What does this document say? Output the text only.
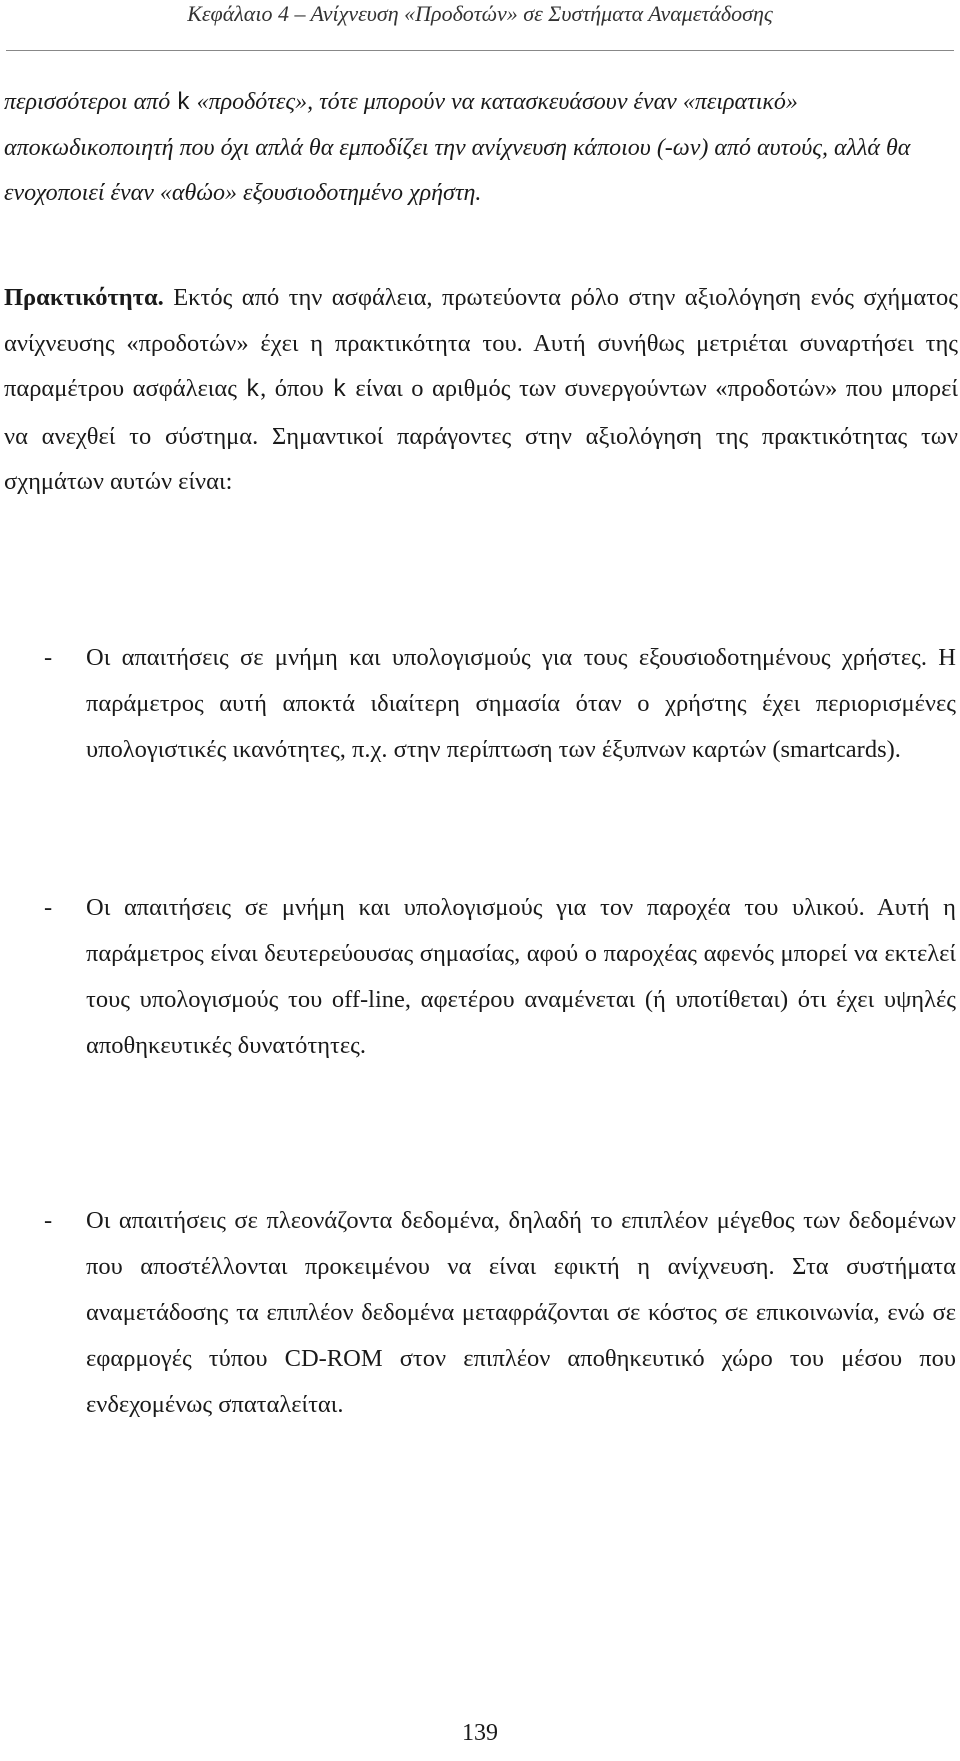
Κεφάλαιο 4 – Ανίχνευση «Προδοτών» σε Συστήματα Αναμετάδοσης
περισσότεροι από k «προδότες», τότε μπορούν να κατασκευάσουν έναν «πειρατικό» αποκωδικοποιητή που όχι απλά θα εμποδίζει την ανίχνευση κάποιου (-ων) από αυτούς, αλλά θα ενοχοποιεί έναν «αθώο» εξουσιοδοτημένο χρήστη.
Πρακτικότητα. Εκτός από την ασφάλεια, πρωτεύοντα ρόλο στην αξιολόγηση ενός σχήματος ανίχνευσης «προδοτών» έχει η πρακτικότητα του. Αυτή συνήθως μετριέται συναρτήσει της παραμέτρου ασφάλειας k, όπου k είναι ο αριθμός των συνεργούντων «προδοτών» που μπορεί να ανεχθεί το σύστημα. Σημαντικοί παράγοντες στην αξιολόγηση της πρακτικότητας των σχημάτων αυτών είναι:
- Οι απαιτήσεις σε μνήμη και υπολογισμούς για τους εξουσιοδοτημένους χρήστες. Η παράμετρος αυτή αποκτά ιδιαίτερη σημασία όταν ο χρήστης έχει περιορισμένες υπολογιστικές ικανότητες, π.χ. στην περίπτωση των έξυπνων καρτών (smartcards).
- Οι απαιτήσεις σε μνήμη και υπολογισμούς για τον παροχέα του υλικού. Αυτή η παράμετρος είναι δευτερεύουσας σημασίας, αφού ο παροχέας αφενός μπορεί να εκτελεί τους υπολογισμούς του off-line, αφετέρου αναμένεται (ή υποτίθεται) ότι έχει υψηλές αποθηκευτικές δυνατότητες.
- Οι απαιτήσεις σε πλεονάζοντα δεδομένα, δηλαδή το επιπλέον μέγεθος των δεδομένων που αποστέλλονται προκειμένου να είναι εφικτή η ανίχνευση. Στα συστήματα αναμετάδοσης τα επιπλέον δεδομένα μεταφράζονται σε κόστος σε επικοινωνία, ενώ σε εφαρμογές τύπου CD-ROM στον επιπλέον αποθηκευτικό χώρο του μέσου που ενδεχομένως σπαταλείται.
139
